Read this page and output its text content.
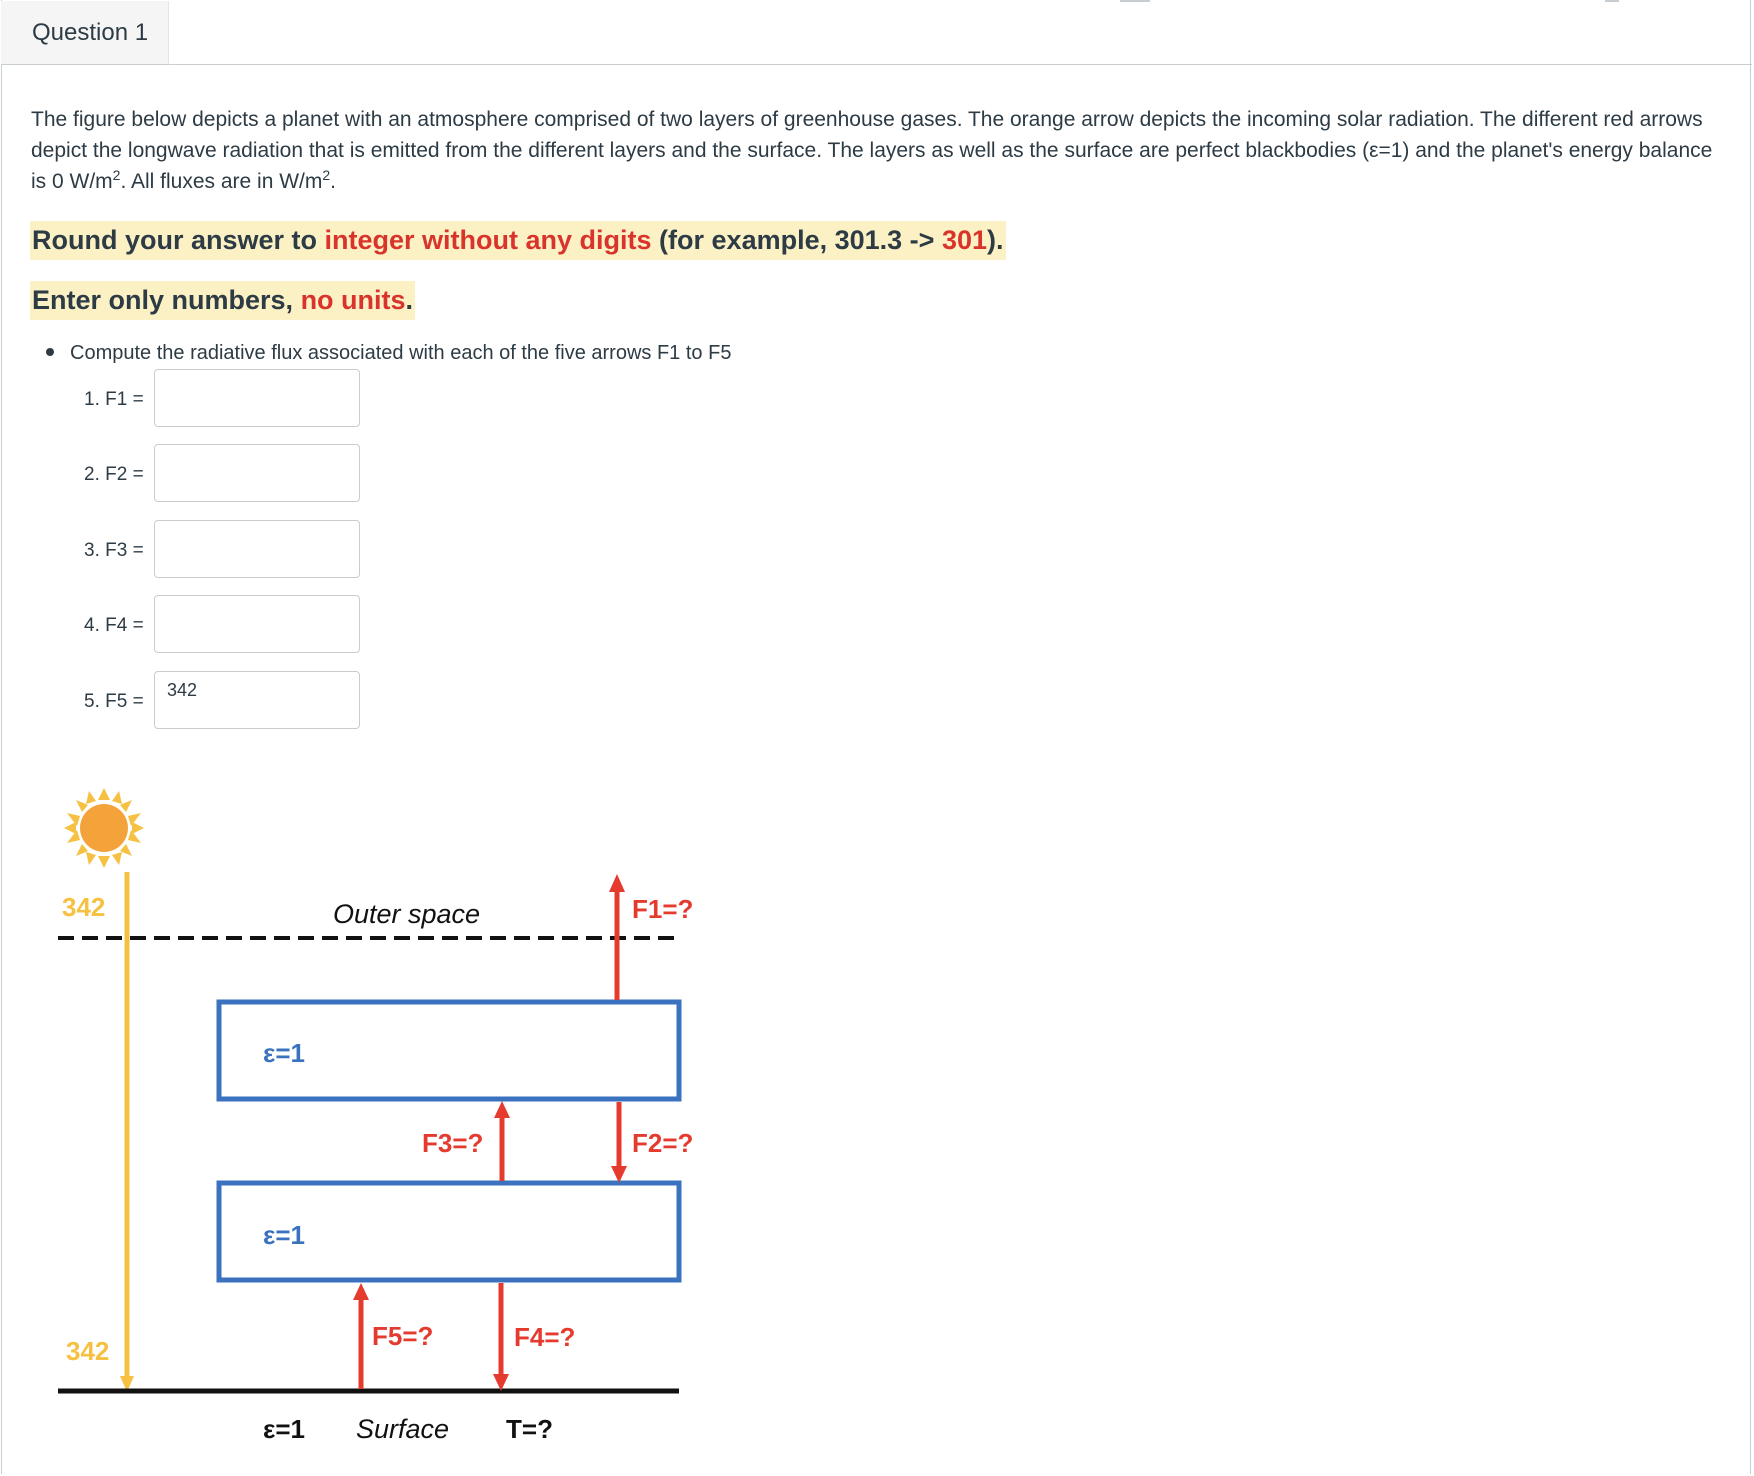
Question 1
The figure below depicts a planet with an atmosphere comprised of two layers of greenhouse gases. The orange arrow depicts the incoming solar radiation. The different red arrows depict the longwave radiation that is emitted from the different layers and the surface. The layers as well as the surface are perfect blackbodies (ε=1) and the planet's energy balance is 0 $W/m^2$. All fluxes are in $W/m^2$.
Round your answer to integer without any digits (for example, 301.3 -> 301).
Enter only numbers, no units.
Compute the radiative flux associated with each of the five arrows F1 to F5
1. F1 =
2. F2 =
3. F3 =
4. F4 =
5. F5 =
342
342
342
Outer space	F1=?
F2=?
F3=?
F4=?
F5=?
ε=1
ε=1
ε=1 Surface T=?
